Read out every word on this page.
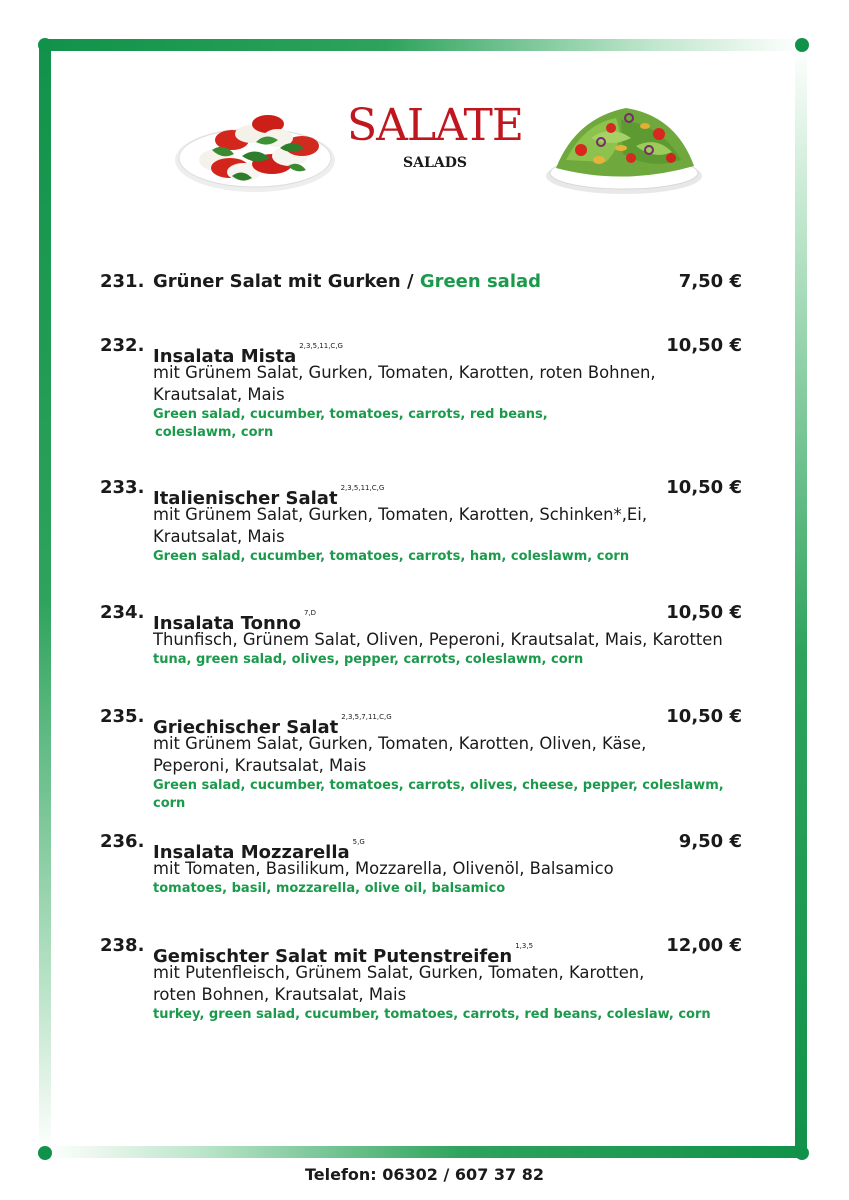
SALATE
SALADS
231. Grüner Salat mit Gurken / Green salad	7,50 €
232.
Insalata Mista $^{2,3,5,11,C,G}$	10,50 €
mit Grünem Salat, Gurken, Tomaten, Karotten, roten Bohnen,
Krautsalat, Mais
Green salad, cucumber, tomatoes, carrots, red beans,
coleslawm, corn
233.
Italienischer Salat $^{2,3,5,11,C,G}$	10,50 €
mit Grünem Salat, Gurken, Tomaten, Karotten, Schinken*,Ei,
Krautsalat, Mais
Green salad, cucumber, tomatoes, carrots, ham, coleslawm, corn
234.
Insalata Tonno $^{7,D}$	10,50 €
Thunfisch, Grünem Salat, Oliven, Peperoni, Krautsalat, Mais, Karotten
tuna, green salad, olives, pepper, carrots, coleslawm, corn
235.
Griechischer Salat $^{2,3,5,7,11,C,G}$	10,50 €
mit Grünem Salat, Gurken, Tomaten, Karotten, Oliven, Käse,
Peperoni, Krautsalat, Mais
Green salad, cucumber, tomatoes, carrots, olives, cheese, pepper, coleslawm, corn
236.
Insalata Mozzarella $^{5,G}$	9,50 €
mit Tomaten, Basilikum, Mozzarella, Olivenöl, Balsamico
tomatoes, basil, mozzarella, olive oil, balsamico
238.
Gemischter Salat mit Putenstreifen $^{1,3,5}$	12,00 €
mit Putenfleisch, Grünem Salat, Gurken, Tomaten, Karotten,
roten Bohnen, Krautsalat, Mais
turkey, green salad, cucumber, tomatoes, carrots, red beans, coleslaw, corn
Telefon: 06302 / 607 37 82
